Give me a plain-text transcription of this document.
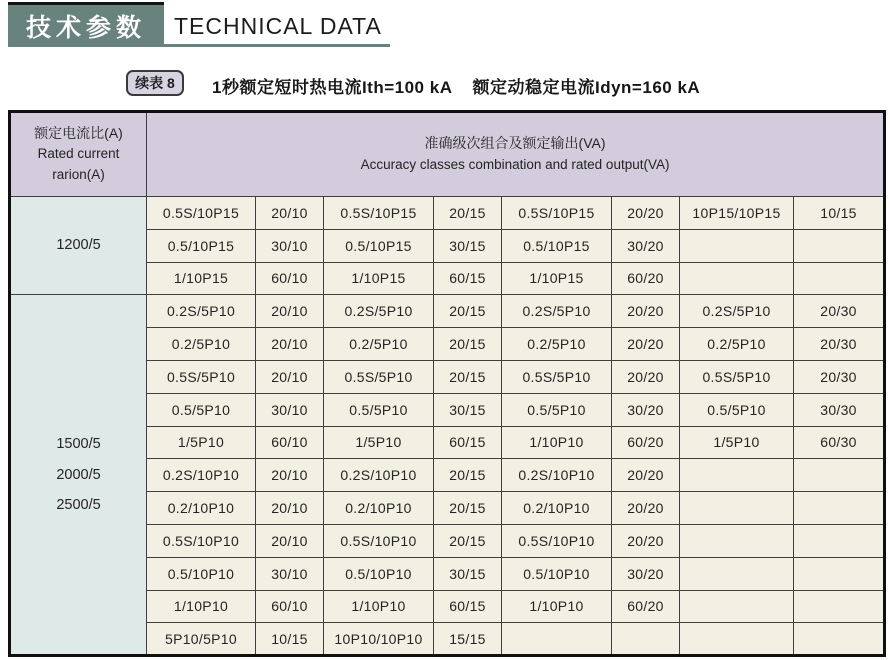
技术参数 TECHNICAL DATA
续表 8 1秒额定短时热电流Ith=100 kA 额定动稳定电流Idyn=160 kA
额定电流比(A)
Rated current
rarion(A)

准确级次组合及额定输出(VA)
Accuracy classes combination and rated output(VA)

1200/5	0.5S/10P15	20/10	0.5S/10P15	20/15	0.5S/10P15	20/20	10P15/10P15	10/15
	0.5/10P15	30/10	0.5/10P15	30/15	0.5/10P15	30/20		
	1/10P15	60/10	1/10P15	60/15	1/10P15	60/20		

1500/5
2000/5
2500/5	0.2S/5P10	20/10	0.2S/5P10	20/15	0.2S/5P10	20/20	0.2S/5P10	20/30
	0.2/5P10	20/10	0.2/5P10	20/15	0.2/5P10	20/20	0.2/5P10	20/30
	0.5S/5P10	20/10	0.5S/5P10	20/15	0.5S/5P10	20/20	0.5S/5P10	20/30
	0.5/5P10	30/10	0.5/5P10	30/15	0.5/5P10	30/20	0.5/5P10	30/30
	1/5P10	60/10	1/5P10	60/15	1/10P10	60/20	1/5P10	60/30
	0.2S/10P10	20/10	0.2S/10P10	20/15	0.2S/10P10	20/20		
	0.2/10P10	20/10	0.2/10P10	20/15	0.2/10P10	20/20		
	0.5S/10P10	20/10	0.5S/10P10	20/15	0.5S/10P10	20/20		
	0.5/10P10	30/10	0.5/10P10	30/15	0.5/10P10	30/20		
	1/10P10	60/10	1/10P10	60/15	1/10P10	60/20		
	5P10/5P10	10/15	10P10/10P10	15/15				
